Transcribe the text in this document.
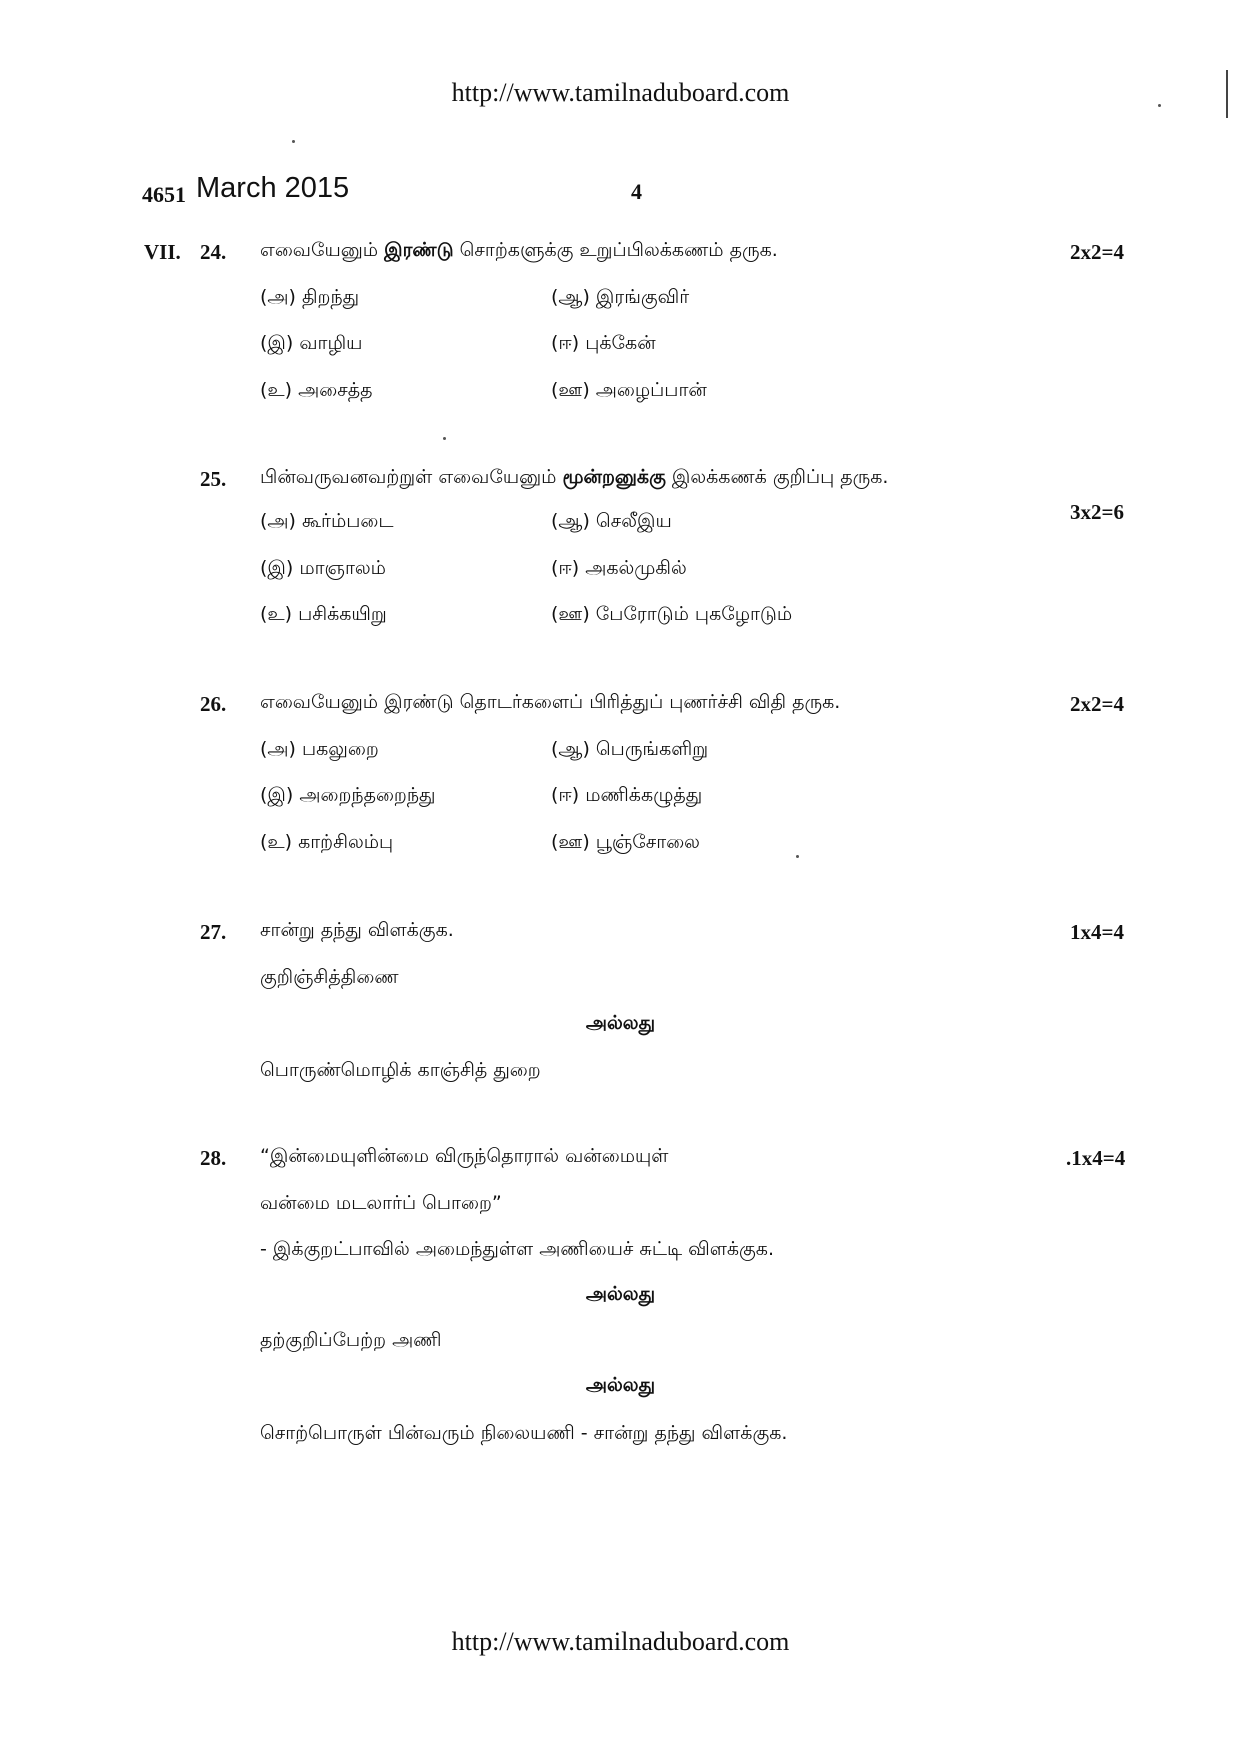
http://www.tamilnaduboard.com
4651 March 2015	4
VII. 24. எவையேனும் இரண்டு சொற்களுக்கு உறுப்பிலக்கணம் தருக.	2x2=4
(அ) திறந்து	(ஆ) இரங்குவிர்
(இ) வாழிய	(ஈ) புக்கேன்
(உ) அசைத்த	(ஊ) அழைப்பான்
25. பின்வருவனவற்றுள் எவையேனும் மூன்றனுக்கு இலக்கணக் குறிப்பு தருக.
3x2=6
(அ) கூர்ம்படை	(ஆ) செலீஇய
(இ) மாஞாலம்	(ஈ) அகல்முகில்
(உ) பசிக்கயிறு	(ஊ) பேரோடும் புகழோடும்
26. எவையேனும் இரண்டு தொடர்களைப் பிரித்துப் புணர்ச்சி விதி தருக.	2x2=4
(அ) பகலுறை	(ஆ) பெருங்களிறு
(இ) அறைந்தறைந்து	(ஈ) மணிக்கழுத்து
(உ) காற்சிலம்பு	(ஊ) பூஞ்சோலை
27. சான்று தந்து விளக்குக.	1x4=4
குறிஞ்சித்திணை
அல்லது
பொருண்மொழிக் காஞ்சித் துறை
28. “இன்மையுளின்மை விருந்தொரால் வன்மையுள்	.1x4=4
வன்மை மடலார்ப் பொறை”
- இக்குறட்பாவில் அமைந்துள்ள அணியைச் சுட்டி விளக்குக.
அல்லது
தற்குறிப்பேற்ற அணி
அல்லது
சொற்பொருள் பின்வரும் நிலையணி - சான்று தந்து விளக்குக.
http://www.tamilnaduboard.com
